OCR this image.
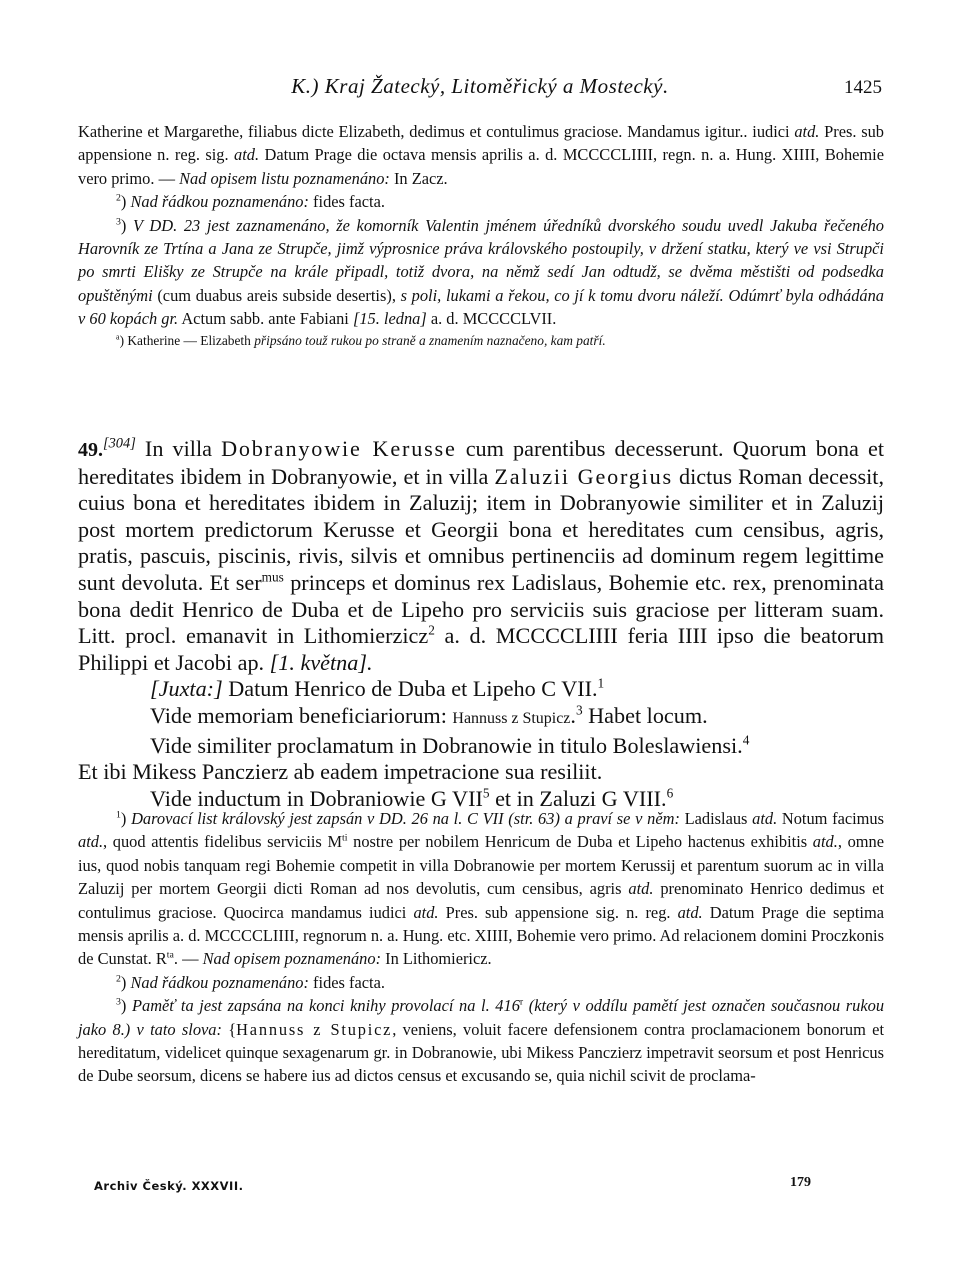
K.) Kraj Žatecký, Litoměřický a Mostecký.	1425

Katherine et Margarethe, filiabus dicte Elizabeth, dedimus et contulimus graciose. Mandamus igitur.. iudici atd. Pres. sub appensione n. reg. sig. atd. Datum Prage die octava mensis aprilis a. d. MCCCCLIIII, regn. n. a. Hung. XIIII, Bohemie vero primo. — Nad opisem listu poznamenáno: In Zacz.

$^2$) Nad řádkou poznamenáno: fides facta.

$^3$) V DD. 23 jest zaznamenáno, že komorník Valentin jménem úředníků dvorského soudu uvedl Jakuba řečeného Harovník ze Trtína a Jana ze Strupče, jimž výprosnice práva královského postoupily, v držení statku, který ve vsi Strupči po smrti Elišky ze Strupče na krále připadl, totiž dvora, na němž sedí Jan odtudž, se dvěma městišti od podsedka opuštěnými (cum duabus areis subside desertis), s poli, lukami a řekou, co jí k tomu dvoru náleží. Odúmrť byla odhádána v 60 kopách gr. Actum sabb. ante Fabiani [15. ledna] a. d. MCCCCLVII.

$^a$) Katherine — Elizabeth připsáno touž rukou po straně a znamením naznačeno, kam patří.

49.[304] In villa Dobranyowie Kerusse cum parentibus decesserunt. Quorum bona et hereditates ibidem in Dobranyowie, et in villa Zaluzii Georgius dictus Roman decessit, cuius bona et hereditates ibidem in Zaluzij; item in Dobranyowie similiter et in Zaluzij post mortem predictorum Kerusse et Georgii bona et hereditates cum censibus, agris, pratis, pascuis, piscinis, rivis, silvis et omnibus pertinenciis ad dominum regem legittime sunt devoluta. Et ser$^{mus}$ princeps et dominus rex Ladislaus, Bohemie etc. rex, prenominata bona dedit Henrico de Duba et de Lipeho pro serviciis suis graciose per litteram suam. Litt. procl. emanavit in Lithomierzicz$^2$ a. d. MCCCCLIIII feria IIII ipso die beatorum Philippi et Jacobi ap. [1. května].

[Juxta:] Datum Henrico de Duba et Lipeho C VII.$^1$

Vide memoriam beneficiariorum: Hannuss z Stupicz.$^3$ Habet locum.

Vide similiter proclamatum in Dobranowie in titulo Boleslawiensi.$^4$

Et ibi Mikess Panczierz ab eadem impetracione sua resiliit.

Vide inductum in Dobraniowie G VII$^5$ et in Zaluzi G VIII.$^6$

$^1$) Darovací list královský jest zapsán v DD. 26 na l. C VII (str. 63) a praví se v něm: Ladislaus atd. Notum facimus atd., quod attentis fidelibus serviciis $M^{ti}$ nostre per nobilem Henricum de Duba et Lipeho hactenus exhibitis atd., omne ius, quod nobis tanquam regi Bohemie competit in villa Dobranowie per mortem Kerussij et parentum suorum ac in villa Zaluzij per mortem Georgii dicti Roman ad nos devolutis, cum censibus, agris atd. prenominato Henrico dedimus et contulimus graciose. Quocirca mandamus iudici atd. Pres. sub appensione sig. n. reg. atd. Datum Prage die septima mensis aprilis a. d. MCCCCLIIII, regnorum n. a. Hung. etc. XIIII, Bohemie vero primo. Ad relacionem domini Proczkonis de Cunstat. $R^{ta}$. — Nad opisem poznamenáno: In Lithomiericz.

$^2$) Nad řádkou poznamenáno: fides facta.

$^3$) Paměť ta jest zapsána na konci knihy provolací na l. 416$^r$ (který v oddílu pamětí jest označen současnou rukou jako 8.) v tato slova: {Hannuss z Stupicz, veniens, voluit facere defensionem contra proclamacionem bonorum et hereditatum, videlicet quinque sexagenarum gr. in Dobranowie, ubi Mikess Panczierz impetravit seorsum et post Henricus de Dube seorsum, dicens se habere ius ad dictos census et excusando se, quia nichil scivit de proclama-

Archiv Český. XXXVII.	179
